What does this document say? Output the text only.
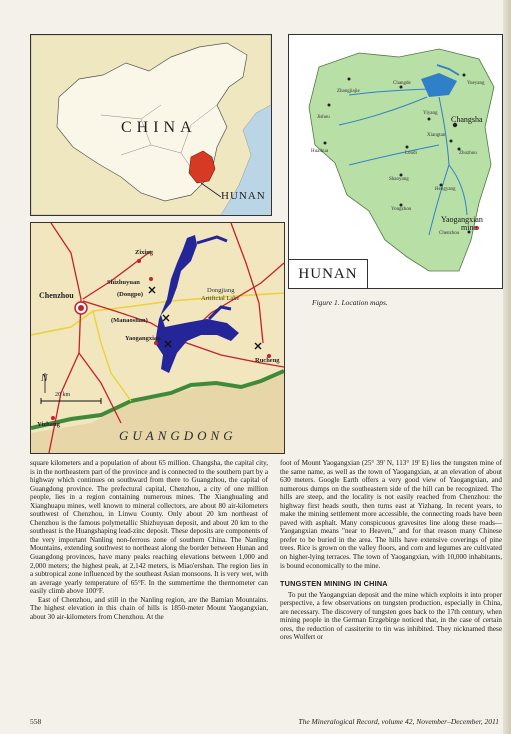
CHINA
HUNAN
Zhangjiajie
Changde	Yueyang
Jishou
Yiyang
Changsha
Xiangtan
Huaihua	Loudi	Zhuzhou
Shaoyang
Hengyang
Yongzhou
Yaogangxian
mine
Chenzhou
HUNAN
Zixing
Shizhuyuan
(Dongpo)
Chenzhou
Dongjiang
Artificial Lake
(Manaoshan)
Yaogangxian
Rucheng
Yizhang
N
20 km
GUANGDONG
Figure 1. Location maps.

square kilometers and a population of about 65 million. Changsha, the capital city, is in the northeastern part of the province and is connected to the southern part by a highway which continues on southward from there to Guangzhou, the capital of Guangdong province. The prefectural capital, Chenzhou, a city of one million people, lies in a region containing numerous mines. The Xianghualing and Xianghuapu mines, well known to mineral collectors, are about 80 air-kilometers southwest of Chenzhou, in Linwu County. Only about 20 km northeast of Chenzhou is the famous polymetallic Shizhuyuan deposit, and about 20 km to the southeast is the Huangshaping lead-zinc deposit. These deposits are components of the very important Nanling non-ferrous zone of southern China. The Nanling Mountains, extending southwest to northeast along the border between Hunan and Guangdong provinces, have many peaks reaching elevations between 1,000 and 2,000 meters; the highest peak, at 2,142 meters, is Miao'ershan. The region lies in a subtropical zone influenced by the southeast Asian monsoons. It is very wet, with an average yearly temperature of 65°F. In the summertime the thermometer can easily climb above 100°F.

East of Chenzhou, and still in the Nanling region, are the Bamian Mountains. The highest elevation in this chain of hills is 1850-meter Mount Yaogangxian, about 30 air-kilometers from Chenzhou. At the

foot of Mount Yaogangxian (25° 39' N, 113° 19' E) lies the tungsten mine of the same name, as well as the town of Yaogangxian, at an elevation of about 630 meters. Google Earth offers a very good view of Yaogangxian, and numerous dumps on the southeastern side of the hill can be recognized. The hills are steep, and the locality is not easily reached from Chenzhou: the highway first heads south, then turns east at Yizhang. In recent years, to make the mining settlement more accessible, the connecting roads have been paved with asphalt. Many conspicuous gravesites line along these roads—Yaogangxian means "near to Heaven," and for that reason many Chinese prefer to be buried in the area. The hills have extensive coverings of pine trees. Rice is grown on the valley floors, and corn and legumes are cultivated on higher-lying terraces. The town of Yaogangxian, with 10,000 inhabitants, is bound economically to the mine.

TUNGSTEN MINING IN CHINA

To put the Yaogangxian deposit and the mine which exploits it into proper perspective, a few observations on tungsten production, especially in China, are necessary. The discovery of tungsten goes back to the 17th century, when mining people in the German Erzgebirge noticed that, in the case of certain ores, the reduction of cassiterite to tin was inhibited. They nicknamed these ores Wolfert or

558	The Mineralogical Record, volume 42, November–December, 2011
